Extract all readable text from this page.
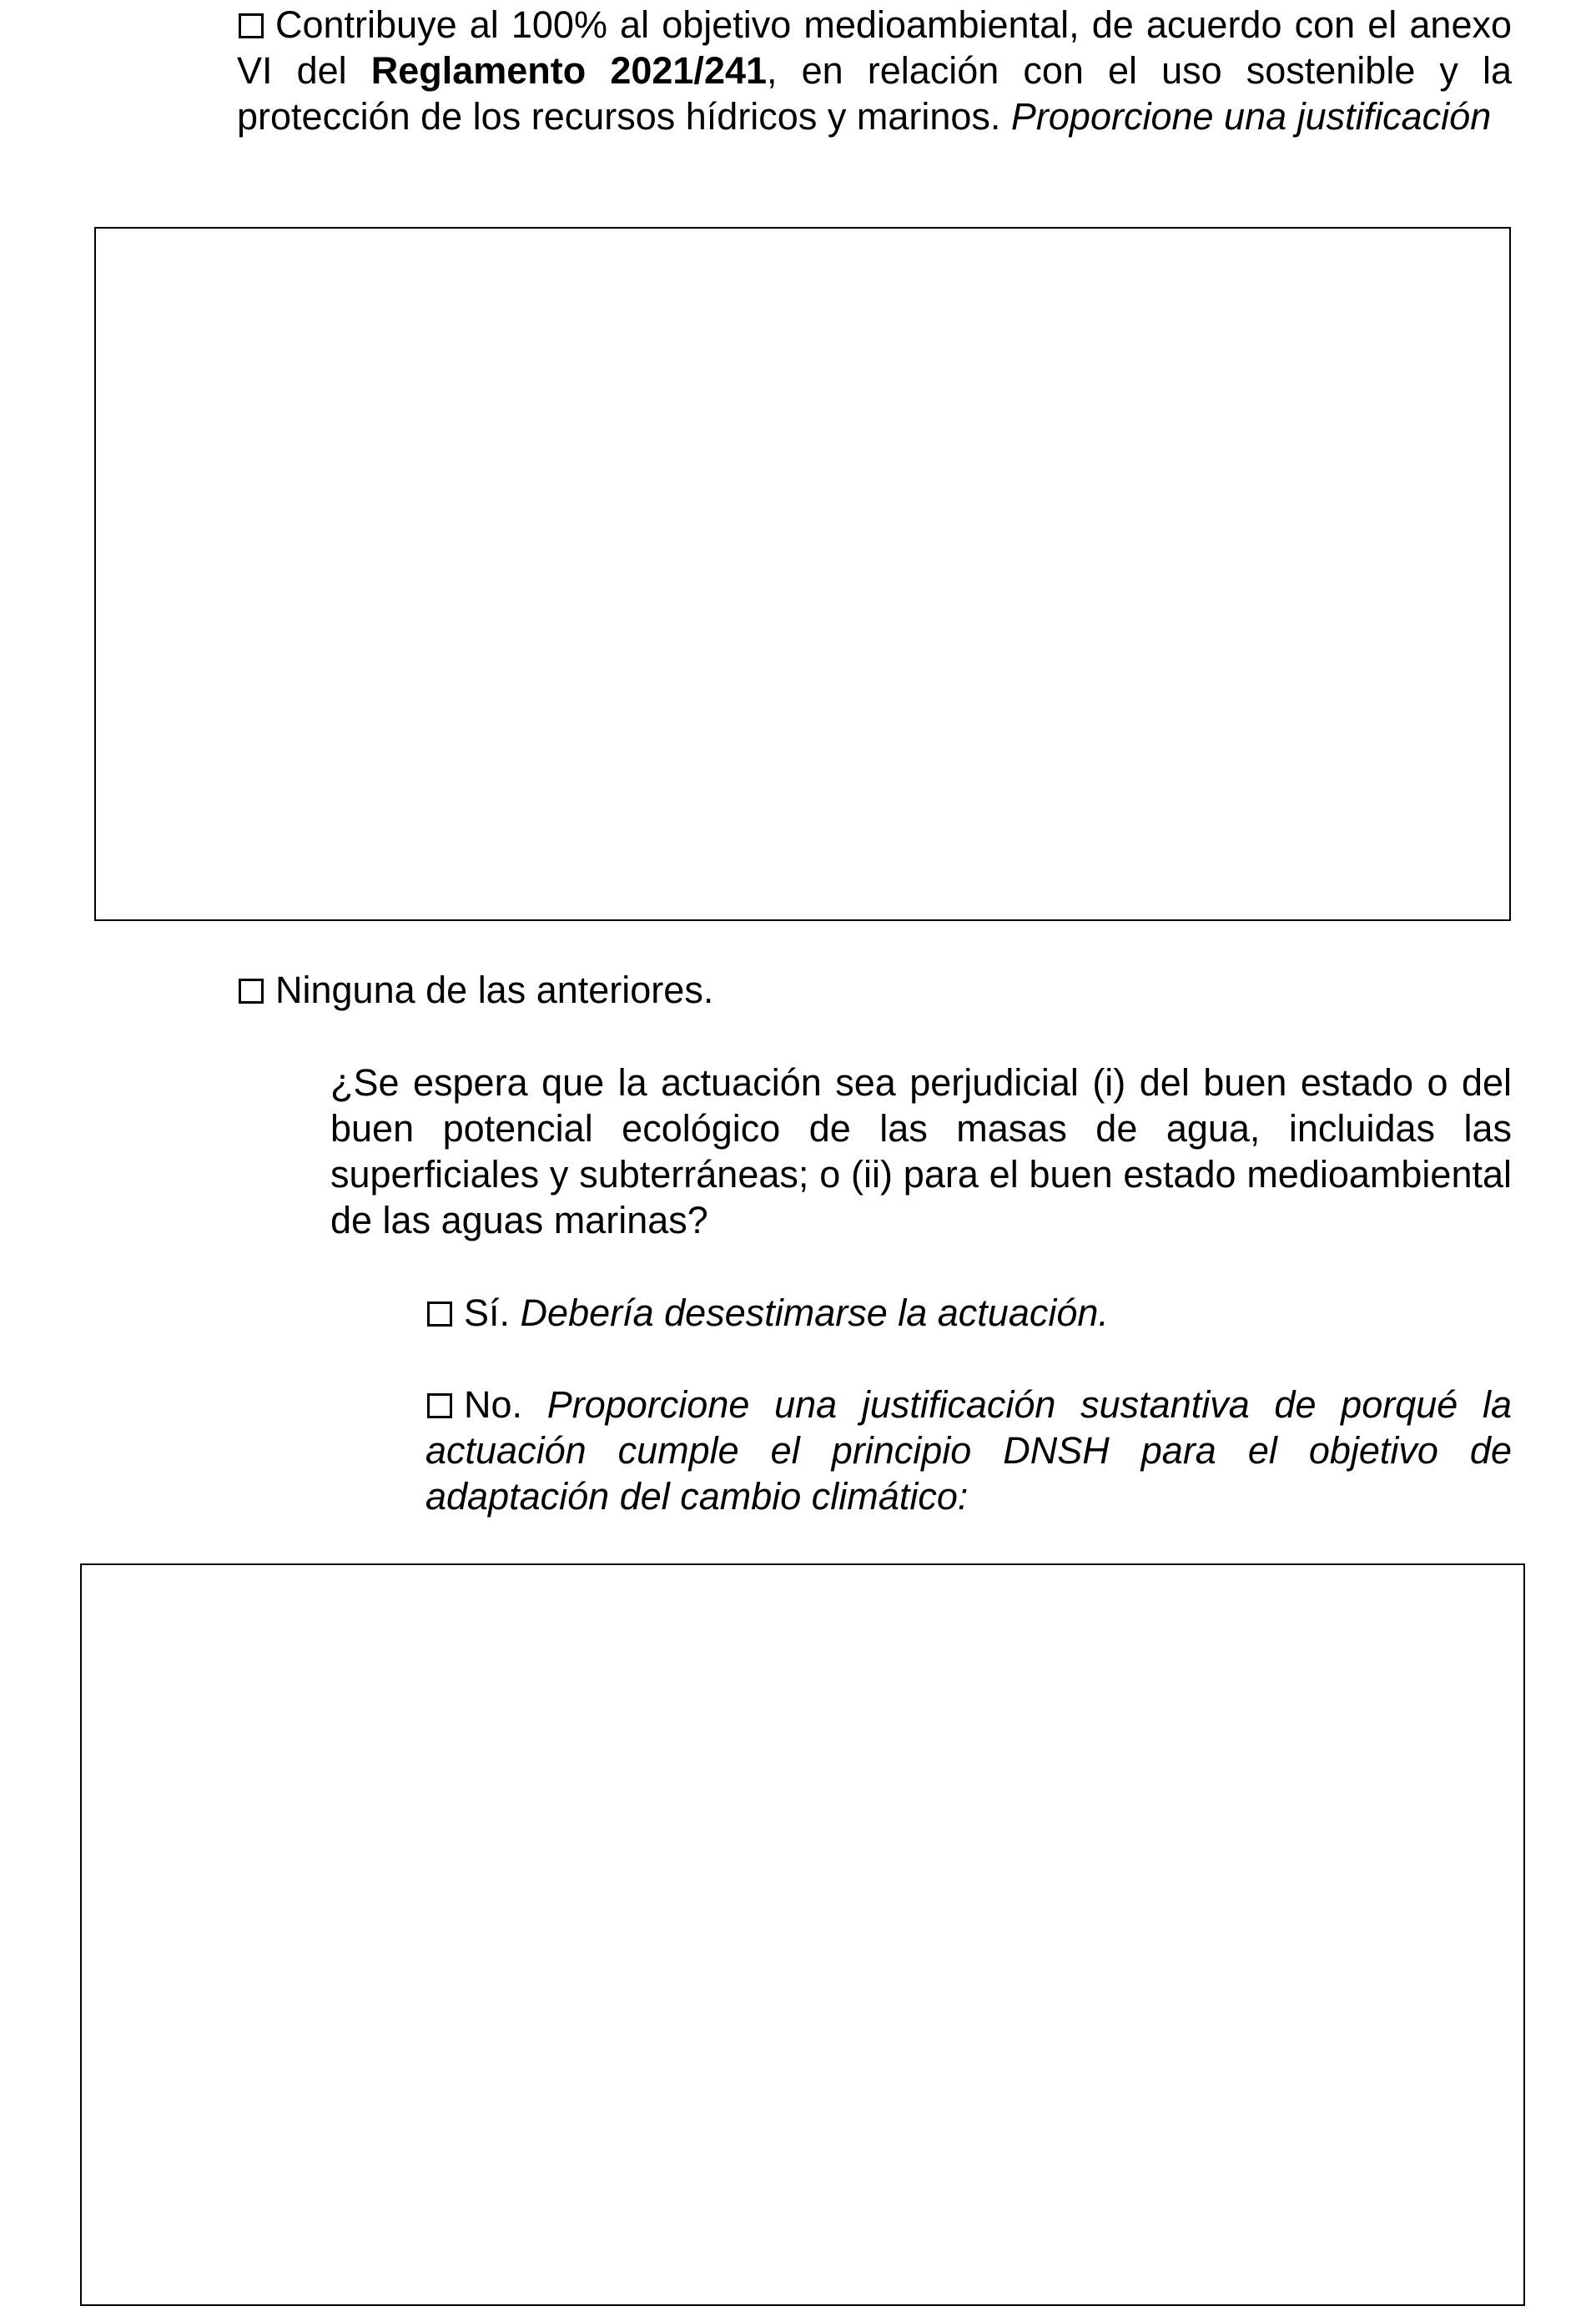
Contribuye al 100% al objetivo medioambiental, de acuerdo con el anexo VI del Reglamento 2021/241, en relación con el uso sostenible y la protección de los recursos hídricos y marinos. Proporcione una justificación

Ninguna de las anteriores.

¿Se espera que la actuación sea perjudicial (i) del buen estado o del buen potencial ecológico de las masas de agua, incluidas las superficiales y subterráneas; o (ii) para el buen estado medioambiental de las aguas marinas?

Sí. Debería desestimarse la actuación.

No. Proporcione una justificación sustantiva de porqué la actuación cumple el principio DNSH para el objetivo de adaptación del cambio climático:
